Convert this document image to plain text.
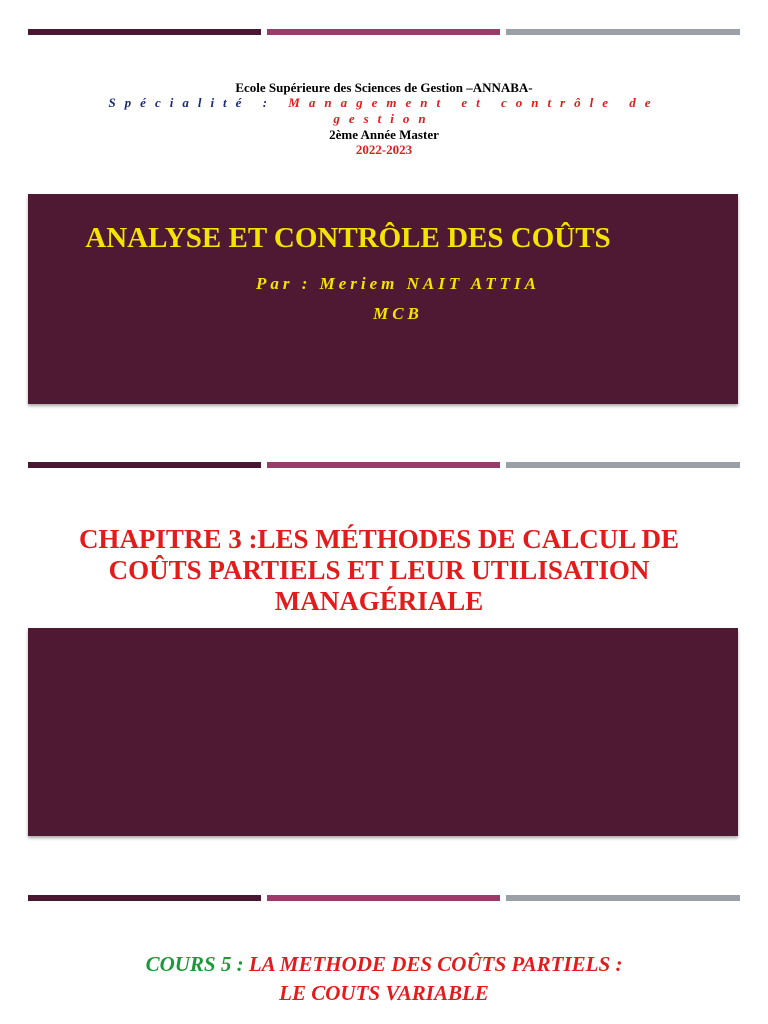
Ecole Supérieure des Sciences de Gestion –ANNABA-
Spécialité : Management et contrôle de gestion
2ème Année Master
2022-2023
ANALYSE ET CONTRÔLE DES COÛTS
Par : Meriem NAIT ATTIA
MCB
CHAPITRE 3 :LES MÉTHODES DE CALCUL DE
COÛTS PARTIELS ET LEUR UTILISATION
MANAGÉRIALE
COURS 5 : LA METHODE DES COÛTS PARTIELS :
LE COUTS VARIABLE
